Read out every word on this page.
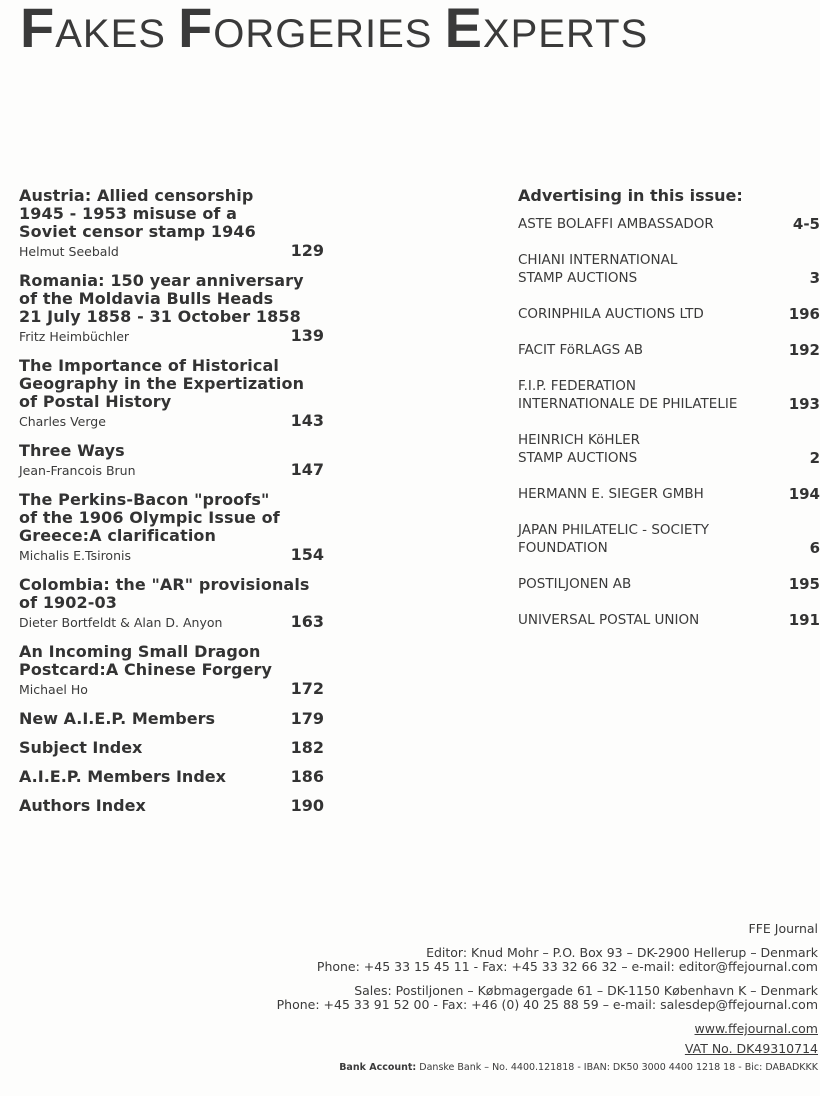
FAKES FORGERIES EXPERTS
Austria: Allied censorship
1945 - 1953 misuse of a
Soviet censor stamp 1946
Helmut Seebald	129
Romania: 150 year anniversary
of the Moldavia Bulls Heads
21 July 1858 - 31 October 1858
Fritz Heimbüchler	139
The Importance of Historical
Geography in the Expertization
of Postal History
Charles Verge	143
Three Ways
Jean-Francois Brun	147
The Perkins-Bacon "proofs"
of the 1906 Olympic Issue of
Greece:A clarification
Michalis E.Tsironis	154
Colombia: the "AR" provisionals
of 1902-03
Dieter Bortfeldt & Alan D. Anyon	163
An Incoming Small Dragon
Postcard:A Chinese Forgery
Michael Ho	172
New A.I.E.P. Members	179
Subject Index	182
A.I.E.P. Members Index	186
Authors Index	190
Advertising in this issue:
ASTE BOLAFFI AMBASSADOR	4-5
CHIANI INTERNATIONAL
STAMP AUCTIONS	3
CORINPHILA AUCTIONS LTD	196
FACIT FöRLAGS AB	192
F.I.P. FEDERATION
INTERNATIONALE DE PHILATELIE	193
HEINRICH KöHLER
STAMP AUCTIONS	2
HERMANN E. SIEGER GMBH	194
JAPAN PHILATELIC - SOCIETY
FOUNDATION	6
POSTILJONEN AB	195
UNIVERSAL POSTAL UNION	191

FFE Journal

Editor: Knud Mohr – P.O. Box 93 – DK-2900 Hellerup – Denmark

Phone: +45 33 15 45 11 - Fax: +45 33 32 66 32 – e-mail: editor@ffejournal.com

Sales: Postiljonen – Købmagergade 61 – DK-1150 København K – Denmark

Phone: +45 33 91 52 00 - Fax: +46 (0) 40 25 88 59 – e-mail: salesdep@ffejournal.com

www.ffejournal.com

VAT No. DK49310714

Bank Account: Danske Bank – No. 4400.121818 - IBAN: DK50 3000 4400 1218 18 - Bic: DABADKKK
